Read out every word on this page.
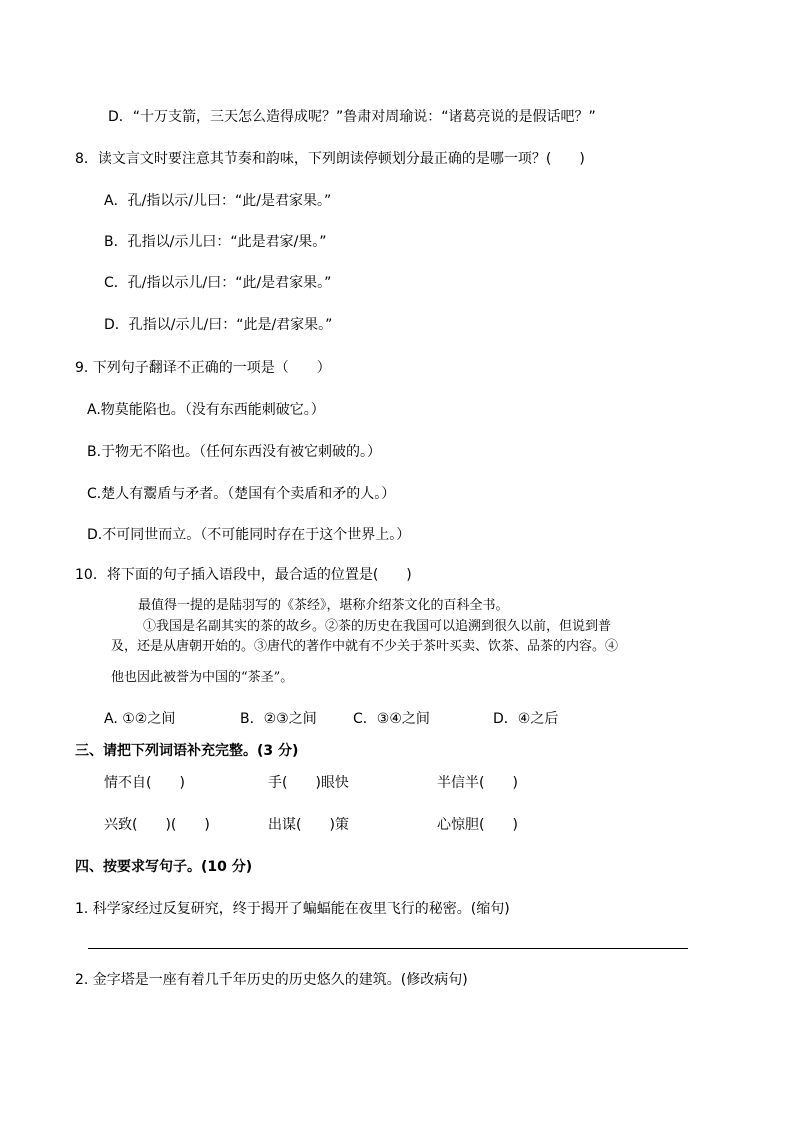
D．“十万支箭，三天怎么造得成呢？”鲁肃对周瑜说：“诸葛亮说的是假话吧？”
8．读文言文时要注意其节奏和韵味，下列朗读停顿划分最正确的是哪一项？(　　)
A．孔/指以示/儿曰：“此/是君家果。”
B．孔指以/示儿曰：“此是君家/果。”
C．孔/指以示儿/曰：“此/是君家果。”
D．孔指以/示儿/曰：“此是/君家果。”
9. 下列句子翻译不正确的一项是（　　）
A.物莫能陷也。（没有东西能刺破它。）
B.于物无不陷也。（任何东西没有被它刺破的。）
C.楚人有鬻盾与矛者。（楚国有个卖盾和矛的人。）
D.不可同世而立。（不可能同时存在于这个世界上。）
10．将下面的句子插入语段中，最合适的位置是(　　)
最值得一提的是陆羽写的《茶经》，堪称介绍茶文化的百科全书。
①我国是名副其实的茶的故乡。②茶的历史在我国可以追溯到很久以前，但说到普
及，还是从唐朝开始的。③唐代的著作中就有不少关于茶叶买卖、饮茶、品茶的内容。④
他也因此被誉为中国的“茶圣”。
A. ①②之间	B．②③之间	C．③④之间	D．④之后
三、请把下列词语补充完整。(3 分)
情不自(　　)	手(　　)眼快	半信半(　　)
兴致(　　)(　　)	出谋(　　)策	心惊胆(　　)
四、按要求写句子。(10 分)
1. 科学家经过反复研究，终于揭开了蝙蝠能在夜里飞行的秘密。(缩句)
2. 金字塔是一座有着几千年历史的历史悠久的建筑。(修改病句)
